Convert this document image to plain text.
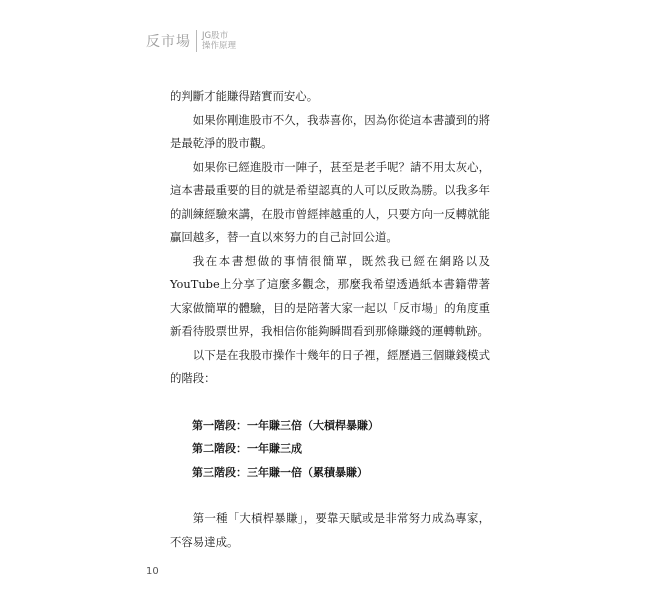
反市場 JG股市
操作原理

的判斷才能賺得踏實而安心。

如果你剛進股市不久，我恭喜你，因為你從這本書讀到的將是最乾淨的股市觀。

如果你已經進股市一陣子，甚至是老手呢？請不用太灰心，這本書最重要的目的就是希望認真的人可以反敗為勝。以我多年的訓練經驗來講，在股市曾經摔越重的人，只要方向一反轉就能贏回越多，替一直以來努力的自己討回公道。

我在本書想做的事情很簡單，既然我已經在網路以及YouTube上分享了這麼多觀念，那麼我希望透過紙本書籍帶著大家做簡單的體驗，目的是陪著大家一起以「反市場」的角度重新看待股票世界，我相信你能夠瞬間看到那條賺錢的運轉軌跡。

以下是在我股市操作十幾年的日子裡，經歷過三個賺錢模式的階段：

第一階段：一年賺三倍（大槓桿暴賺）

第二階段：一年賺三成

第三階段：三年賺一倍（累積暴賺）

第一種「大槓桿暴賺」，要靠天賦或是非常努力成為專家，不容易達成。

10
